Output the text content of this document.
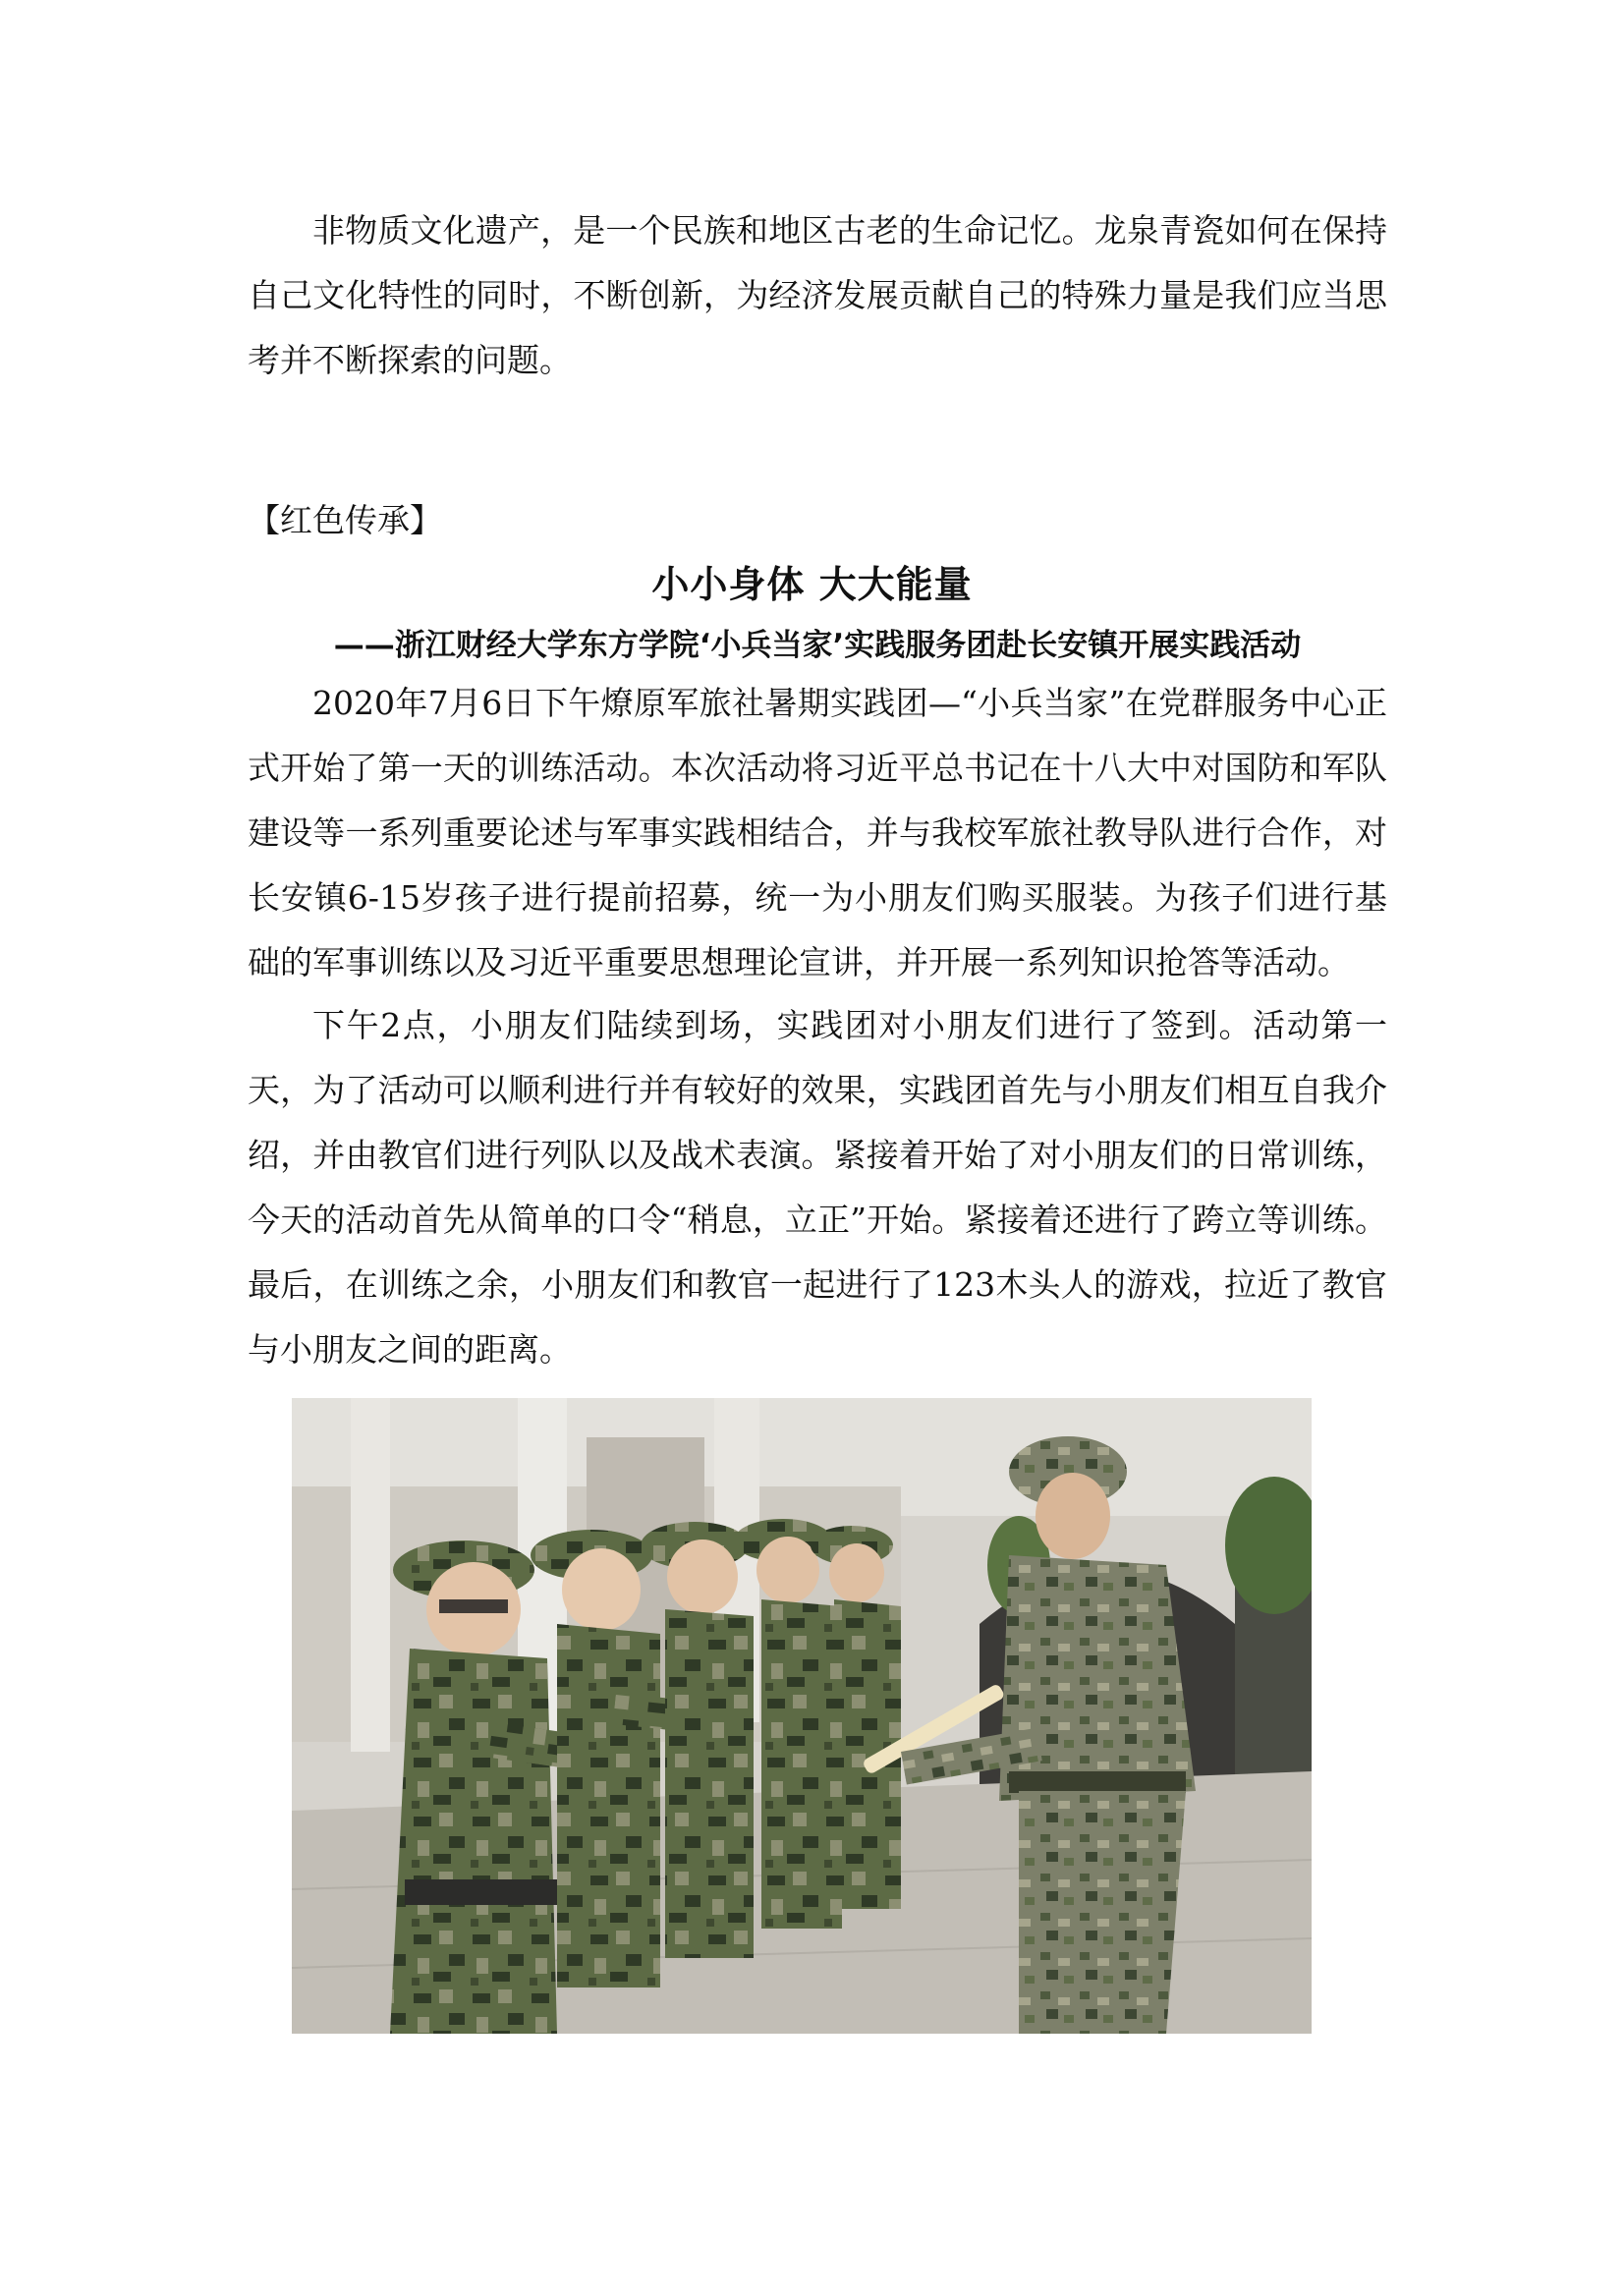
非物质文化遗产，是一个民族和地区古老的生命记忆。龙泉青瓷如何在保持自己文化特性的同时，不断创新，为经济发展贡献自己的特殊力量是我们应当思考并不断探索的问题。

【红色传承】

小小身体 大大能量
——浙江财经大学东方学院‘小兵当家’实践服务团赴长安镇开展实践活动

2020年7月6日下午燎原军旅社暑期实践团—“小兵当家”在党群服务中心正式开始了第一天的训练活动。本次活动将习近平总书记在十八大中对国防和军队建设等一系列重要论述与军事实践相结合，并与我校军旅社教导队进行合作，对长安镇6-15岁孩子进行提前招募，统一为小朋友们购买服装。为孩子们进行基础的军事训练以及习近平重要思想理论宣讲，并开展一系列知识抢答等活动。

下午2点，小朋友们陆续到场，实践团对小朋友们进行了签到。活动第一天，为了活动可以顺利进行并有较好的效果，实践团首先与小朋友们相互自我介绍，并由教官们进行列队以及战术表演。紧接着开始了对小朋友们的日常训练，今天的活动首先从简单的口令“稍息，立正”开始。紧接着还进行了跨立等训练。最后，在训练之余，小朋友们和教官一起进行了123木头人的游戏，拉近了教官与小朋友之间的距离。
